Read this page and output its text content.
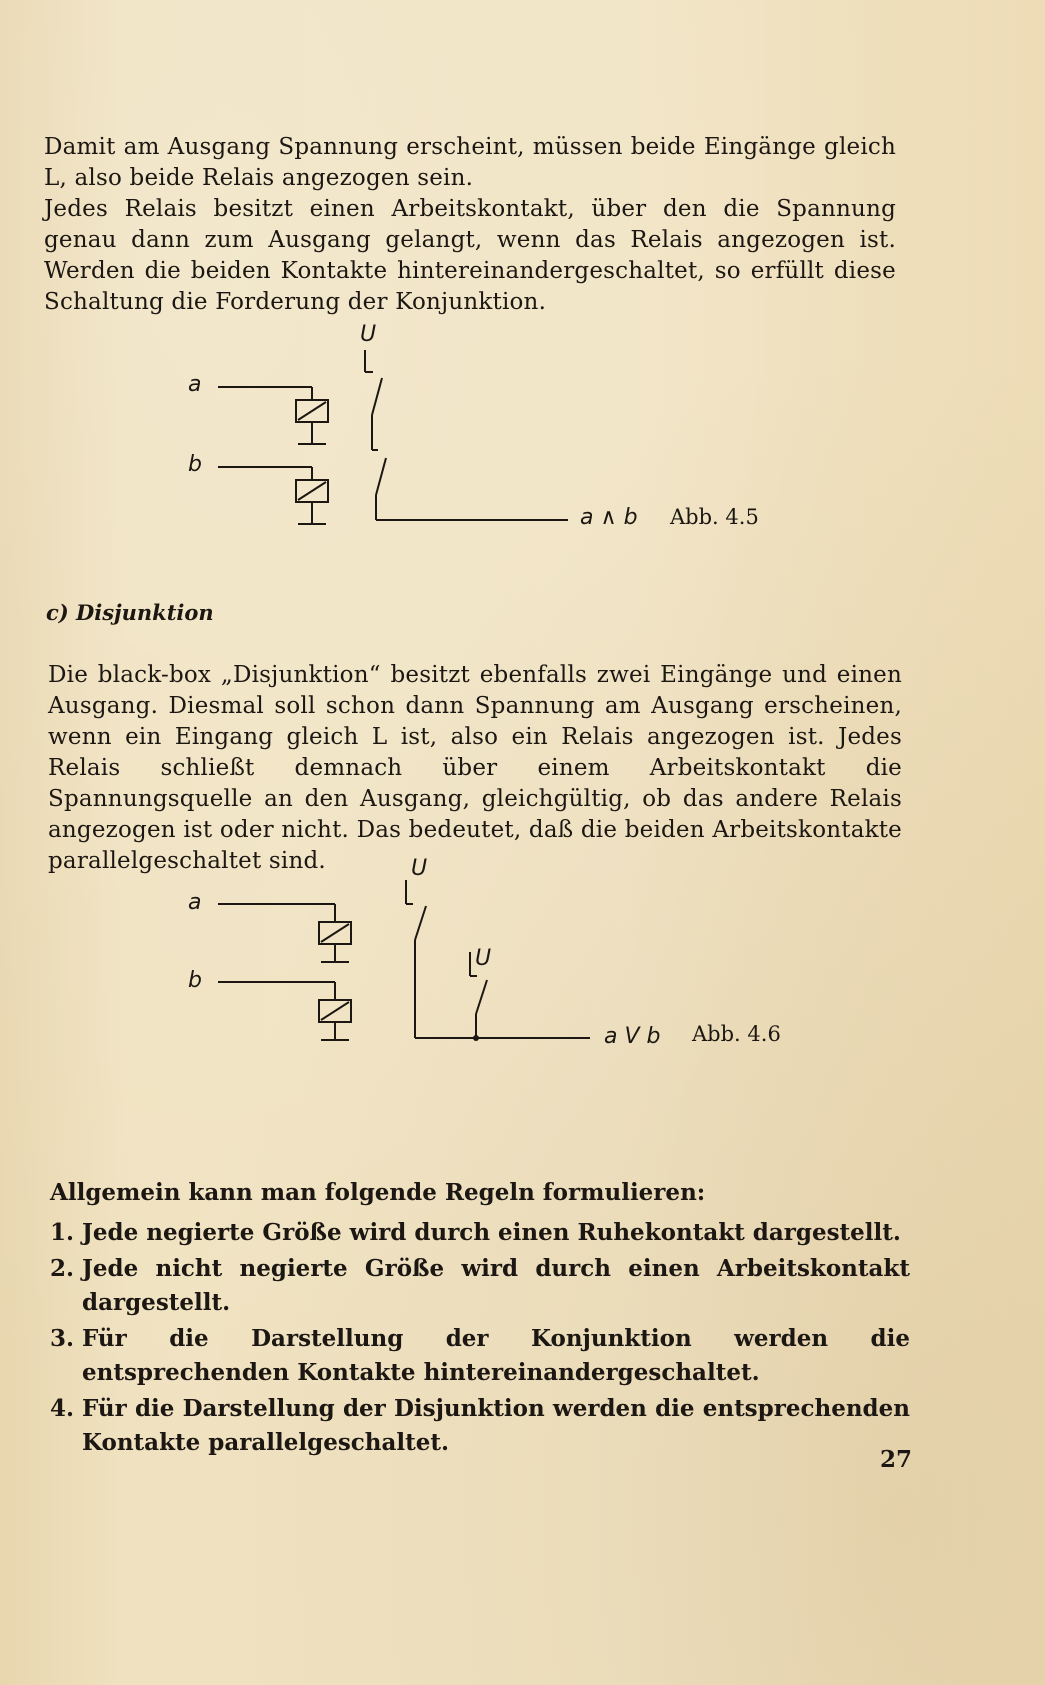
Damit am Ausgang Spannung erscheint, müssen beide Eingänge gleich L, also beide Relais angezogen sein.

Jedes Relais besitzt einen Arbeitskontakt, über den die Spannung genau dann zum Ausgang gelangt, wenn das Relais angezogen ist. Werden die beiden Kontakte hintereinandergeschaltet, so erfüllt diese Schaltung die Forderung der Konjunktion.

a
b
U
a ∧ b Abb. 4.5
c) Disjunktion

Die black-box „Disjunktion“ besitzt ebenfalls zwei Eingänge und einen Ausgang. Diesmal soll schon dann Spannung am Ausgang erscheinen, wenn ein Eingang gleich L ist, also ein Relais angezogen ist. Jedes Relais schließt demnach über einem Arbeitskontakt die Spannungsquelle an den Ausgang, gleichgültig, ob das andere Relais angezogen ist oder nicht. Das bedeutet, daß die beiden Arbeitskontakte parallelgeschaltet sind.

a
b
U
U
a V b Abb. 4.6

Allgemein kann man folgende Regeln formulieren:

1. Jede negierte Größe wird durch einen Ruhekontakt dargestellt.
2. Jede nicht negierte Größe wird durch einen Arbeitskontakt dargestellt.
3. Für die Darstellung der Konjunktion werden die entsprechenden Kontakte hintereinandergeschaltet.
4. Für die Darstellung der Disjunktion werden die entsprechenden Kontakte parallelgeschaltet.
27
